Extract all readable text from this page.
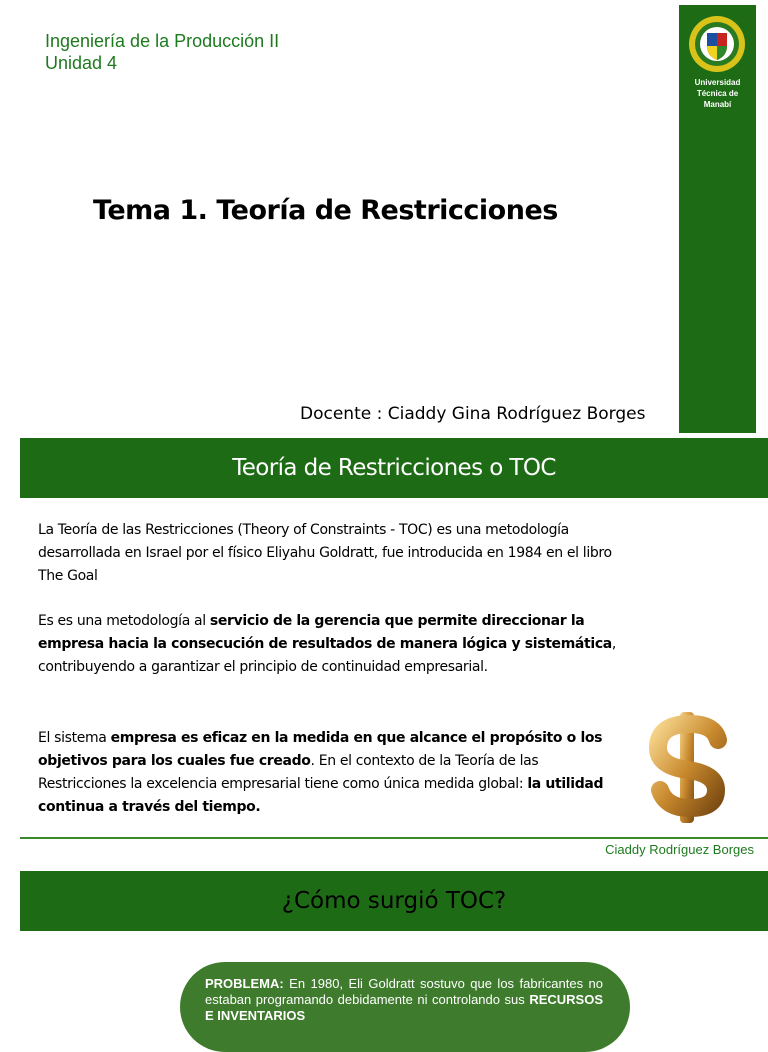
Ingeniería de la Producción II
Unidad 4
Tema 1. Teoría de Restricciones
Docente : Ciaddy Gina Rodríguez Borges
Universidad
Técnica de
Manabí
Teoría de Restricciones o TOC
La Teoría de las Restricciones (Theory of Constraints - TOC) es una metodología desarrollada en Israel por el físico Eliyahu Goldratt, fue introducida en 1984 en el libro The Goal
Es es una metodología al servicio de la gerencia que permite direccionar la empresa hacia la consecución de resultados de manera lógica y sistemática, contribuyendo a garantizar el principio de continuidad empresarial.
El sistema empresa es eficaz en la medida en que alcance el propósito o los objetivos para los cuales fue creado. En el contexto de la Teoría de las Restricciones la excelencia empresarial tiene como única medida global: la utilidad continua a través del tiempo.
Ciaddy Rodríguez Borges
¿Cómo surgió TOC?
PROBLEMA: En 1980, Eli Goldratt sostuvo que los fabricantes no estaban programando debidamente ni controlando sus RECURSOS E INVENTARIOS
